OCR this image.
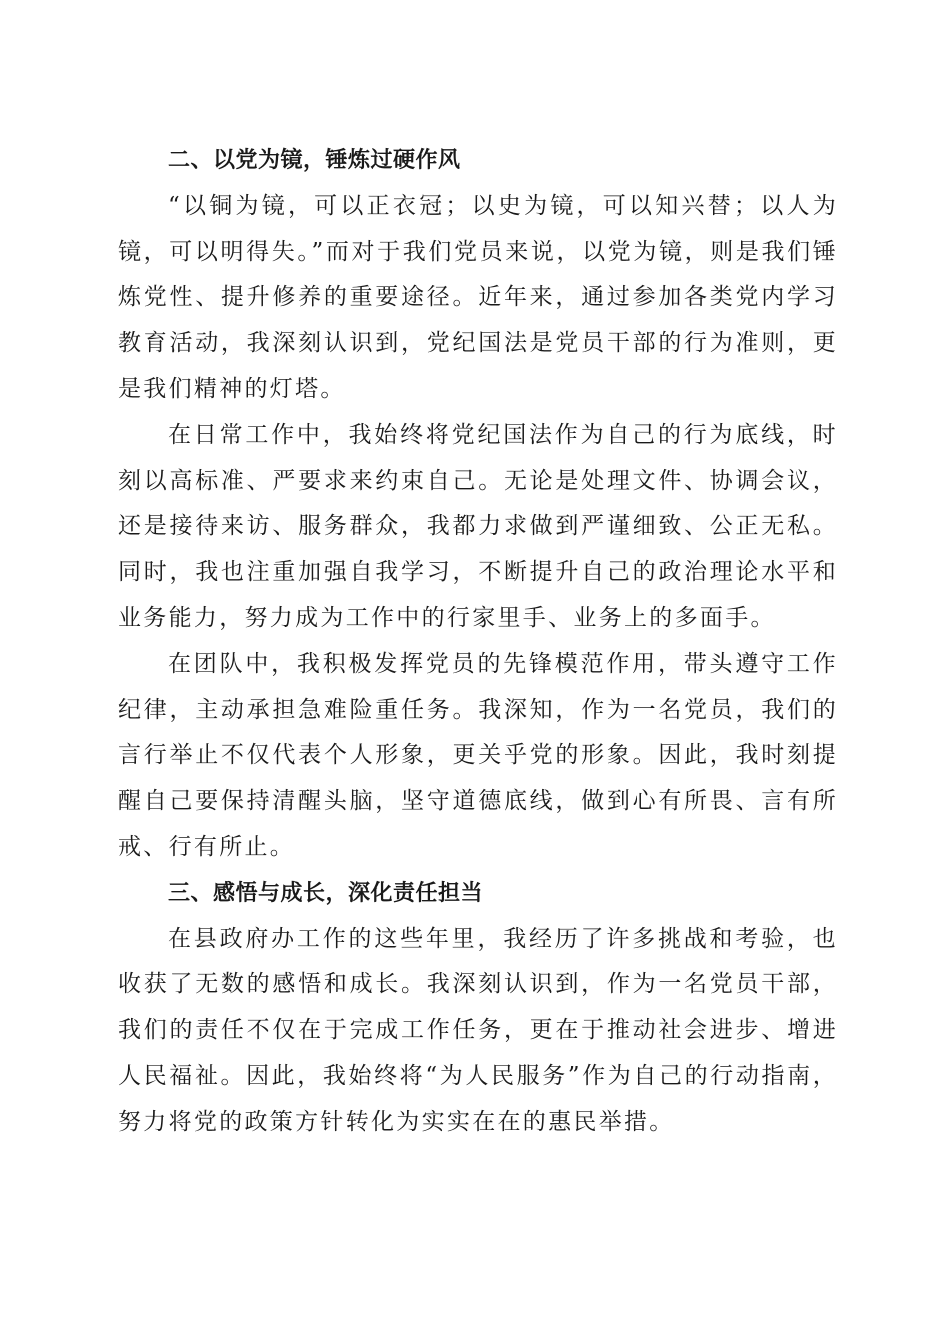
二、以党为镜，锤炼过硬作风

“以铜为镜，可以正衣冠；以史为镜，可以知兴替；以人为镜，可以明得失。”而对于我们党员来说，以党为镜，则是我们锤炼党性、提升修养的重要途径。近年来，通过参加各类党内学习教育活动，我深刻认识到，党纪国法是党员干部的行为准则，更是我们精神的灯塔。

在日常工作中，我始终将党纪国法作为自己的行为底线，时刻以高标准、严要求来约束自己。无论是处理文件、协调会议，还是接待来访、服务群众，我都力求做到严谨细致、公正无私。同时，我也注重加强自我学习，不断提升自己的政治理论水平和业务能力，努力成为工作中的行家里手、业务上的多面手。

在团队中，我积极发挥党员的先锋模范作用，带头遵守工作纪律，主动承担急难险重任务。我深知，作为一名党员，我们的言行举止不仅代表个人形象，更关乎党的形象。因此，我时刻提醒自己要保持清醒头脑，坚守道德底线，做到心有所畏、言有所戒、行有所止。

三、感悟与成长，深化责任担当

在县政府办工作的这些年里，我经历了许多挑战和考验，也收获了无数的感悟和成长。我深刻认识到，作为一名党员干部，我们的责任不仅在于完成工作任务，更在于推动社会进步、增进人民福祉。因此，我始终将“为人民服务”作为自己的行动指南，努力将党的政策方针转化为实实在在的惠民举措。
